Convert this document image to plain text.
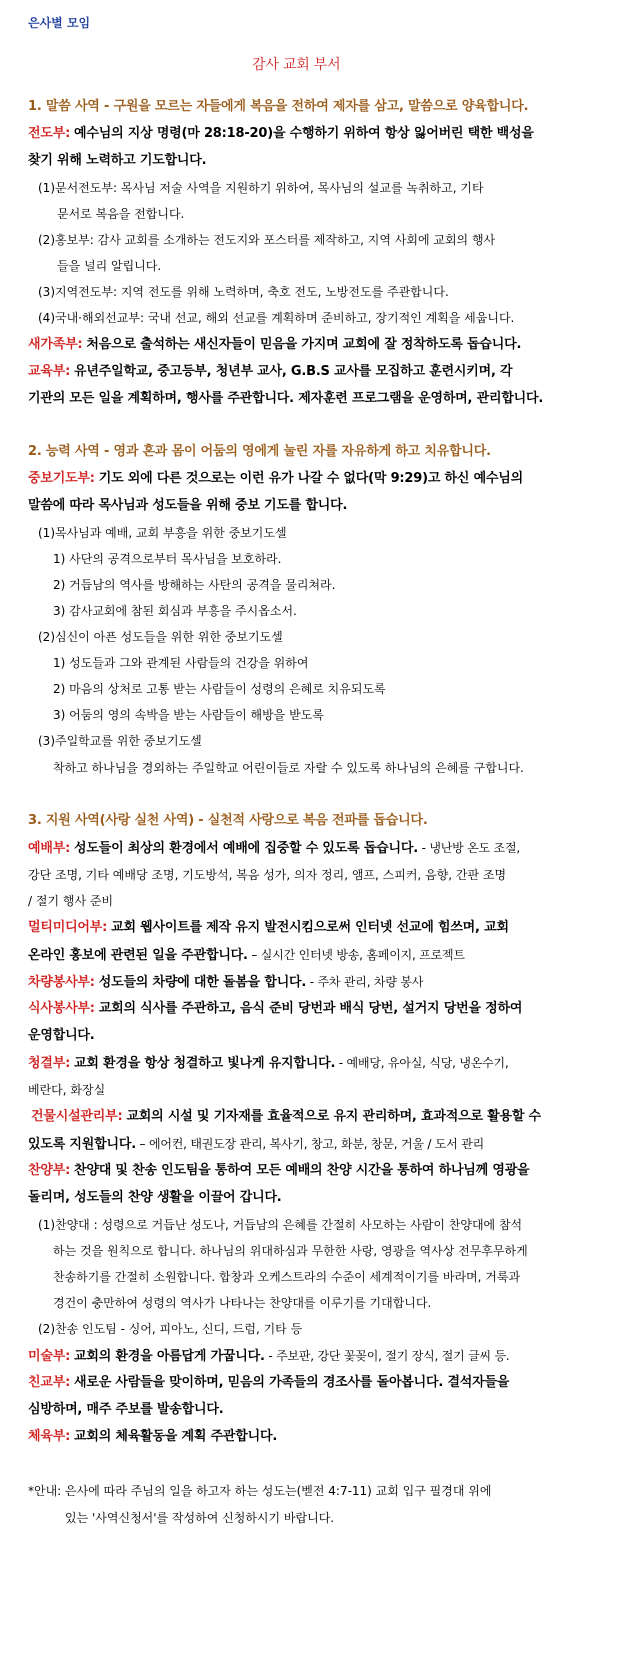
은사별 모임
감사 교회 부서
1. 말씀 사역 - 구원을 모르는 자들에게 복음을 전하여 제자를 삼고, 말씀으로 양육합니다.
전도부: 예수님의 지상 명령(마 28:18-20)을 수행하기 위하여 항상 잃어버린 택한 백성을
찾기 위해 노력하고 기도합니다.
(1)문서전도부: 목사님 저술 사역을 지원하기 위하여, 목사님의 설교를 녹취하고, 기타
문서로 복음을 전합니다.
(2)홍보부: 감사 교회를 소개하는 전도지와 포스터를 제작하고, 지역 사회에 교회의 행사
들을 널리 알립니다.
(3)지역전도부: 지역 전도를 위해 노력하며, 축호 전도, 노방전도를 주관합니다.
(4)국내·해외선교부: 국내 선교, 해외 선교를 계획하며 준비하고, 장기적인 계획을 세웁니다.
새가족부: 처음으로 출석하는 새신자들이 믿음을 가지며 교회에 잘 정착하도록 돕습니다.
교육부: 유년주일학교, 중고등부, 청년부 교사, G.B.S 교사를 모집하고 훈련시키며, 각
기관의 모든 일을 계획하며, 행사를 주관합니다. 제자훈련 프로그램을 운영하며, 관리합니다.
2. 능력 사역 - 영과 혼과 몸이 어둠의 영에게 눌린 자를 자유하게 하고 치유합니다.
중보기도부: 기도 외에 다른 것으로는 이런 유가 나갈 수 없다(막 9:29)고 하신 예수님의
말씀에 따라 목사님과 성도들을 위해 중보 기도를 합니다.
(1)목사님과 예배, 교회 부흥을 위한 중보기도셀
1) 사단의 공격으로부터 목사님을 보호하라.
2) 거듭남의 역사를 방해하는 사탄의 공격을 물리쳐라.
3) 감사교회에 참된 회심과 부흥을 주시옵소서.
(2)심신이 아픈 성도들을 위한 위한 중보기도셀
1) 성도들과 그와 관계된 사람들의 건강을 위하여
2) 마음의 상처로 고통 받는 사람들이 성령의 은혜로 치유되도록
3) 어둠의 영의 속박을 받는 사람들이 해방을 받도록
(3)주일학교를 위한 중보기도셀
착하고 하나님을 경외하는 주일학교 어린이들로 자랄 수 있도록 하나님의 은혜를 구합니다.
3. 지원 사역(사랑 실천 사역) - 실천적 사랑으로 복음 전파를 돕습니다.
예배부: 성도들이 최상의 환경에서 예배에 집중할 수 있도록 돕습니다. - 냉난방 온도 조절,
강단 조명, 기타 예배당 조명, 기도방석, 복음 성가, 의자 정리, 앰프, 스피커, 음향, 간판 조명
/ 절기 행사 준비
멀티미디어부: 교회 웹사이트를 제작 유지 발전시킴으로써 인터넷 선교에 힘쓰며, 교회
온라인 홍보에 관련된 일을 주관합니다. – 실시간 인터넷 방송, 홈페이지, 프로젝트
차량봉사부: 성도들의 차량에 대한 돌봄을 합니다. - 주차 관리, 차량 봉사
식사봉사부: 교회의 식사를 주관하고, 음식 준비 당번과 배식 당번, 설거지 당번을 정하여
운영합니다.
청결부: 교회 환경을 항상 청결하고 빛나게 유지합니다. - 예배당, 유아실, 식당, 냉온수기,
베란다, 화장실
건물시설관리부: 교회의 시설 및 기자재를 효율적으로 유지 관리하며, 효과적으로 활용할 수
있도록 지원합니다. – 에어컨, 태권도장 관리, 복사기, 창고, 화분, 창문, 거울 / 도서 관리
찬양부: 찬양대 및 찬송 인도팀을 통하여 모든 예배의 찬양 시간을 통하여 하나님께 영광을
돌리며, 성도들의 찬양 생활을 이끌어 갑니다.
(1)찬양대 : 성령으로 거듭난 성도나, 거듭남의 은혜를 간절히 사모하는 사람이 찬양대에 참석
하는 것을 원칙으로 합니다. 하나님의 위대하심과 무한한 사랑, 영광을 역사상 전무후무하게
찬송하기를 간절히 소원합니다. 합창과 오케스트라의 수준이 세계적이기를 바라며, 거룩과
경건이 충만하여 성령의 역사가 나타나는 찬양대를 이루기를 기대합니다.
(2)찬송 인도팀 - 싱어, 피아노, 신디, 드럼, 기타 등
미술부: 교회의 환경을 아름답게 가꿉니다. - 주보판, 강단 꽃꽂이, 절기 장식, 절기 글씨 등.
친교부: 새로운 사람들을 맞이하며, 믿음의 가족들의 경조사를 돌아봅니다. 결석자들을
심방하며, 매주 주보를 발송합니다.
체육부: 교회의 체육활동을 계획 주관합니다.
*안내: 은사에 따라 주님의 일을 하고자 하는 성도는(벧전 4:7-11) 교회 입구 필경대 위에
있는 '사역신청서'를 작성하여 신청하시기 바랍니다.
